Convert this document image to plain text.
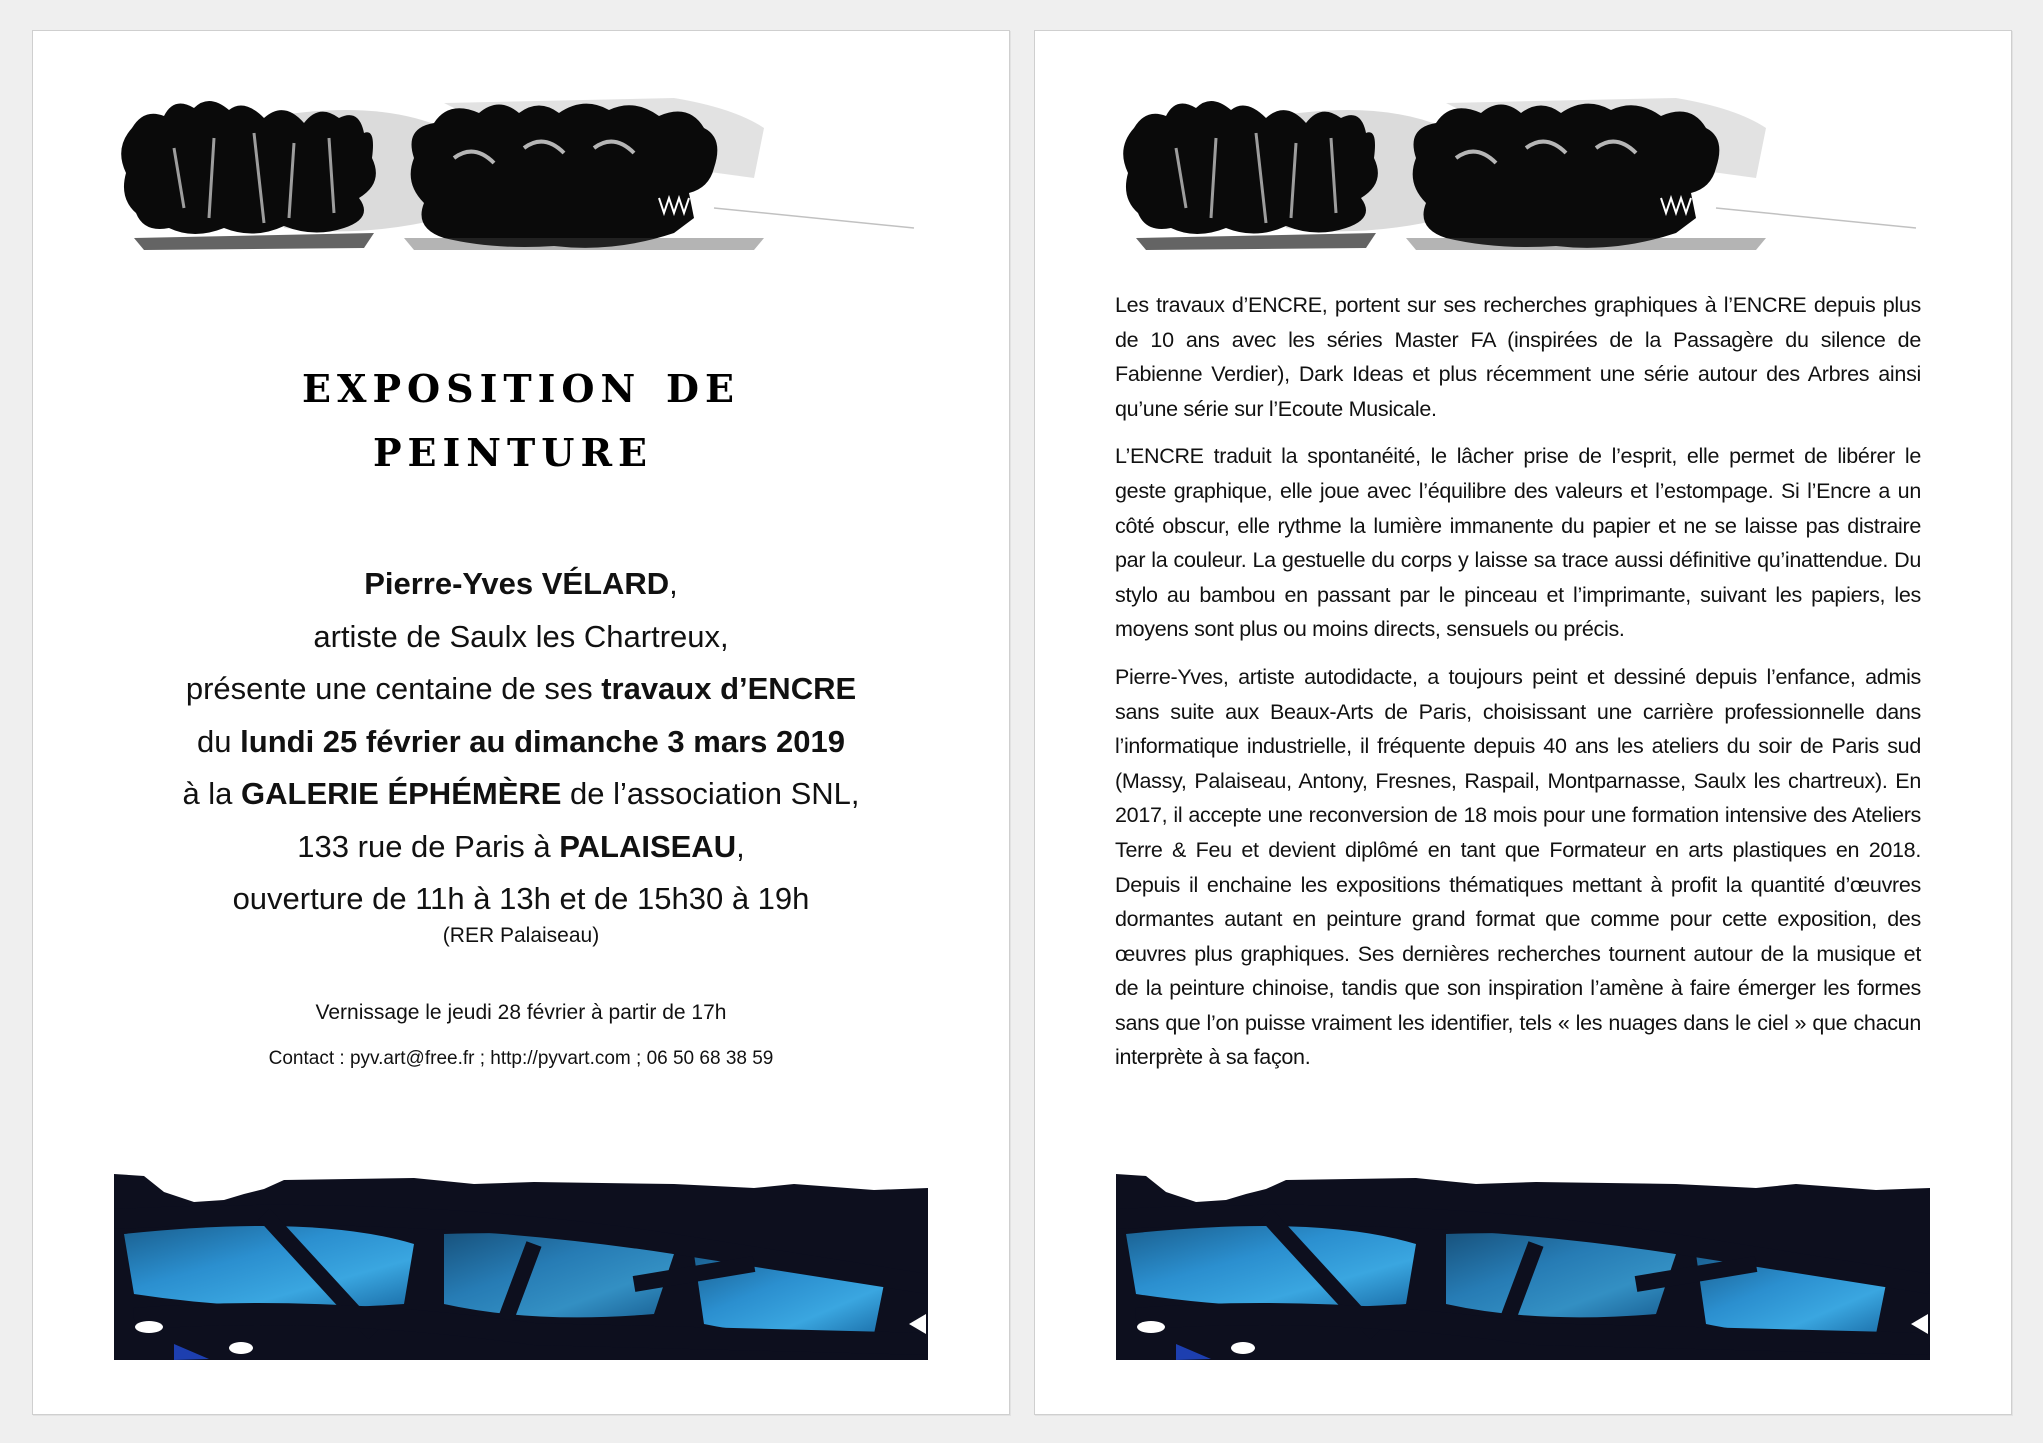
exposition de
peinture
Pierre-Yves VÉLARD,
artiste de Saulx les Chartreux,
présente une centaine de ses travaux d’ENCRE
du lundi 25 février au dimanche 3 mars 2019
à la GALERIE ÉPHÉMÈRE de l’association SNL,
133 rue de Paris à PALAISEAU,
ouverture de 11h à 13h et de 15h30 à 19h
(RER Palaiseau)
Vernissage le jeudi 28 février à partir de 17h
Contact : pyv.art@free.fr ; http://pyvart.com ; 06 50 68 38 59

Les travaux d’ENCRE, portent sur ses recherches graphiques à l’ENCRE depuis plus de 10 ans avec les séries Master FA (inspirées de la Passagère du silence de Fabienne Verdier), Dark Ideas et plus récemment une série autour des Arbres ainsi qu’une série sur l’Ecoute Musicale.

L’ENCRE traduit la spontanéité, le lâcher prise de l’esprit, elle permet de libérer le geste graphique, elle joue avec l’équilibre des valeurs et l’estompage. Si l’Encre a un côté obscur, elle rythme la lumière immanente du papier et ne se laisse pas distraire par la couleur. La gestuelle du corps y laisse sa trace aussi définitive qu’inattendue. Du stylo au bambou en passant par le pinceau et l’imprimante, suivant les papiers, les moyens sont plus ou moins directs, sensuels ou précis.

Pierre-Yves, artiste autodidacte, a toujours peint et dessiné depuis l’enfance, admis sans suite aux Beaux-Arts de Paris, choisissant une carrière professionnelle dans l’informatique industrielle, il fréquente depuis 40 ans les ateliers du soir de Paris sud (Massy, Palaiseau, Antony, Fresnes, Raspail, Montparnasse, Saulx les chartreux). En 2017, il accepte une reconversion de 18 mois pour une formation intensive des Ateliers Terre & Feu et devient diplômé en tant que Formateur en arts plastiques en 2018. Depuis il enchaine les expositions thématiques mettant à profit la quantité d’œuvres dormantes autant en peinture grand format que comme pour cette exposition, des œuvres plus graphiques. Ses dernières recherches tournent autour de la musique et de la peinture chinoise, tandis que son inspiration l’amène à faire émerger les formes sans que l’on puisse vraiment les identifier, tels « les nuages dans le ciel » que chacun interprète à sa façon.
